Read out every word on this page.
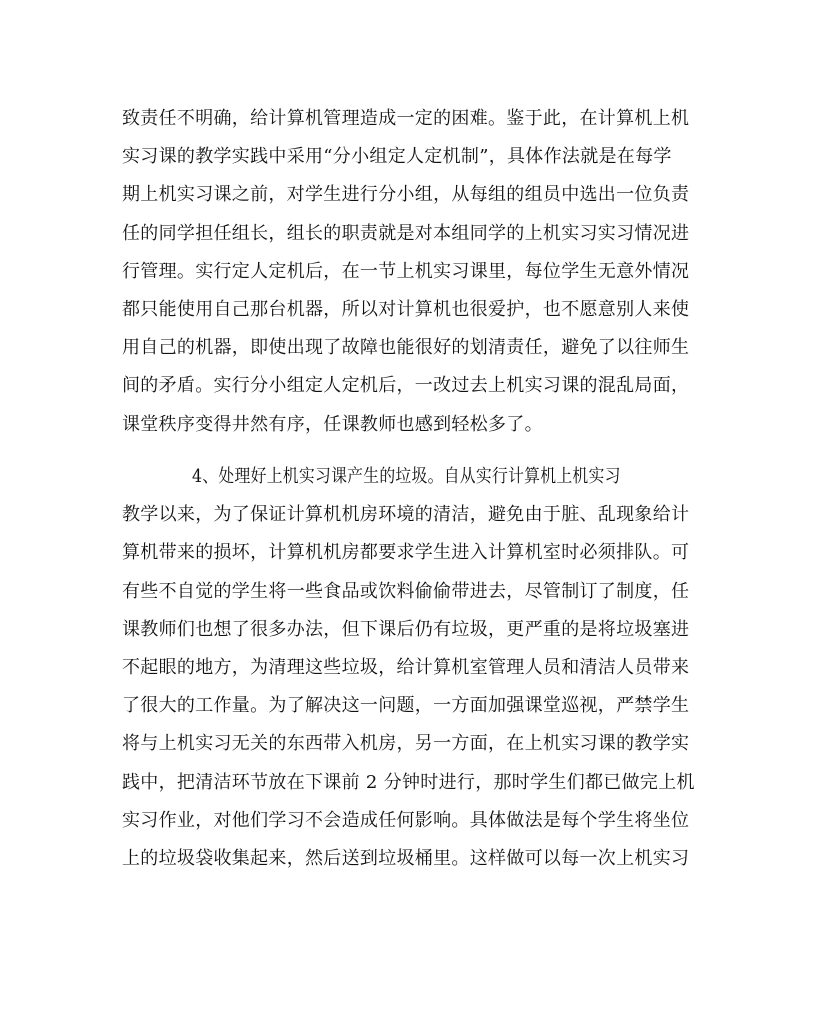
致责任不明确，给计算机管理造成一定的困难。鉴于此，在计算机上机
实习课的教学实践中采用“分小组定人定机制”，具体作法就是在每学
期上机实习课之前，对学生进行分小组，从每组的组员中选出一位负责
任的同学担任组长，组长的职责就是对本组同学的上机实习实习情况进
行管理。实行定人定机后，在一节上机实习课里，每位学生无意外情况
都只能使用自己那台机器，所以对计算机也很爱护，也不愿意别人来使
用自己的机器，即使出现了故障也能很好的划清责任，避免了以往师生
间的矛盾。实行分小组定人定机后，一改过去上机实习课的混乱局面，
课堂秩序变得井然有序，任课教师也感到轻松多了。
4、处理好上机实习课产生的垃圾。自从实行计算机上机实习
教学以来，为了保证计算机机房环境的清洁，避免由于脏、乱现象给计
算机带来的损坏，计算机机房都要求学生进入计算机室时必须排队。可
有些不自觉的学生将一些食品或饮料偷偷带进去，尽管制订了制度，任
课教师们也想了很多办法，但下课后仍有垃圾，更严重的是将垃圾塞进
不起眼的地方，为清理这些垃圾，给计算机室管理人员和清洁人员带来
了很大的工作量。为了解决这一问题，一方面加强课堂巡视，严禁学生
将与上机实习无关的东西带入机房，另一方面，在上机实习课的教学实
践中，把清洁环节放在下课前 2 分钟时进行，那时学生们都已做完上机
实习作业，对他们学习不会造成任何影响。具体做法是每个学生将坐位
上的垃圾袋收集起来，然后送到垃圾桶里。这样做可以每一次上机实习
